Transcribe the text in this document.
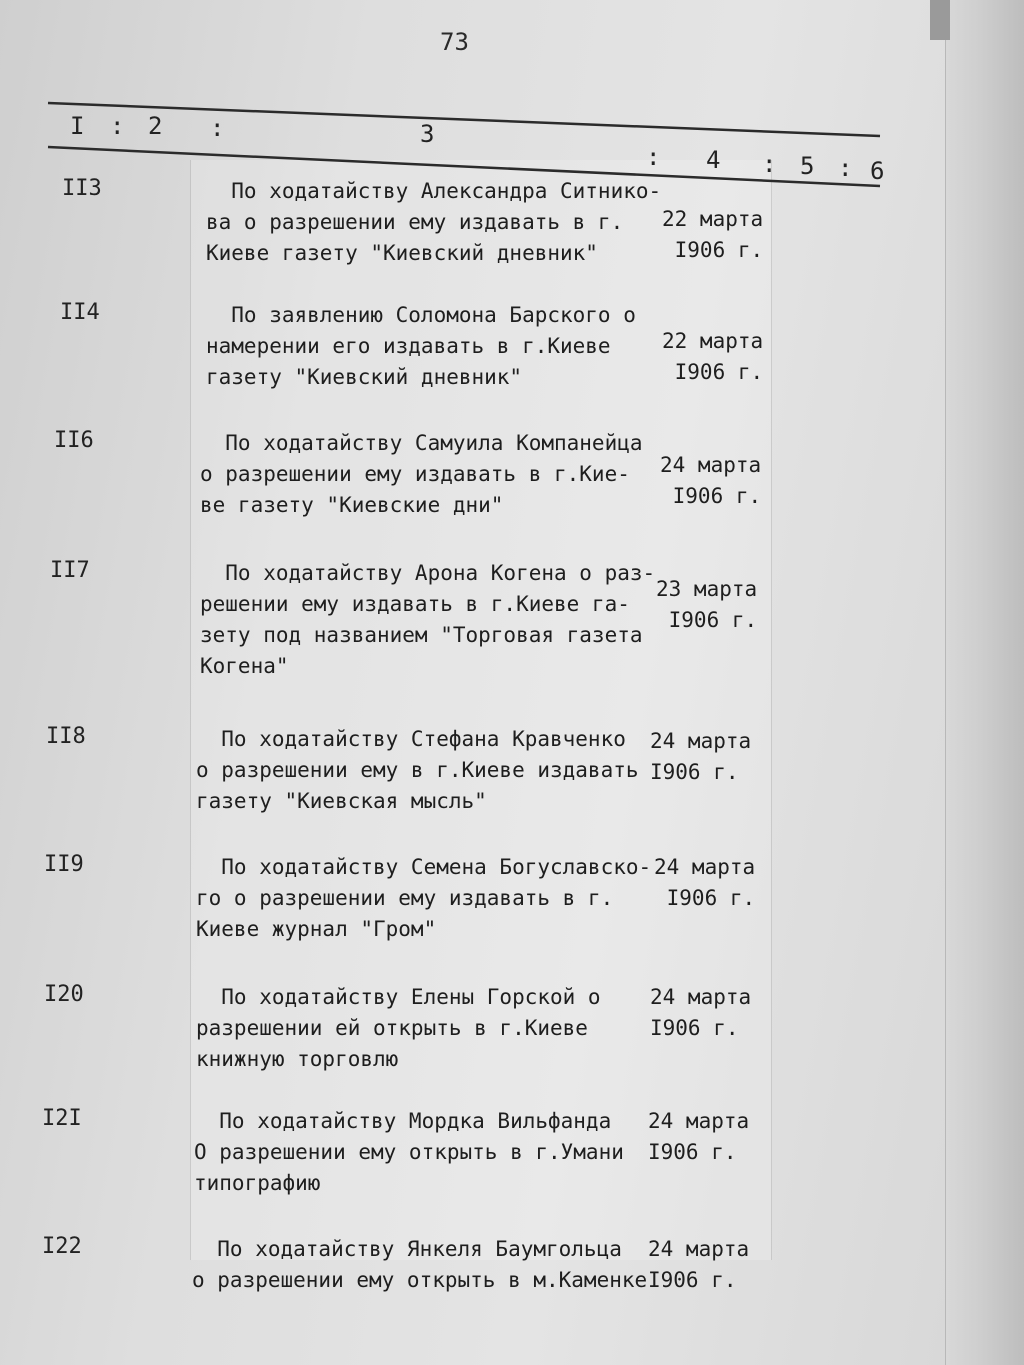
73
I : 2 :	3
: 4 : 5 : 6
II3	По ходатайству Александра Ситнико-
ва о разрешении ему издавать в г.
Киеве газету "Киевский дневник"
22 марта
I906 г.
II4	По заявлению Соломона Барского о
намерении его издавать в г.Киеве
газету "Киевский дневник"
22 марта
I906 г.
II6	По ходатайству Самуила Компанейца
о разрешении ему издавать в г.Кие-
ве газету "Киевские дни"
24 марта
I906 г.
II7	По ходатайству Арона Когена о раз-
решении ему издавать в г.Киеве га-
зету под названием "Торговая газета
Когена"
23 марта
I906 г.
II8	По ходатайству Стефана Кравченко
о разрешении ему в г.Киеве издавать
газету "Киевская мысль"
24 марта
I906 г.
II9	По ходатайству Семена Богуславско-
го о разрешении ему издавать в г.
Киеве журнал "Гром"
24 марта
I906 г.
I20	По ходатайству Елены Горской о
разрешении ей открыть в г.Киеве
книжную торговлю
24 марта
I906 г.
I2I	По ходатайству Мордка Вильфанда
О разрешении ему открыть в г.Умани
типографию
24 марта
I906 г.
I22	По ходатайству Янкеля Баумгольца
о разрешении ему открыть в м.Каменке
24 марта
I906 г.
